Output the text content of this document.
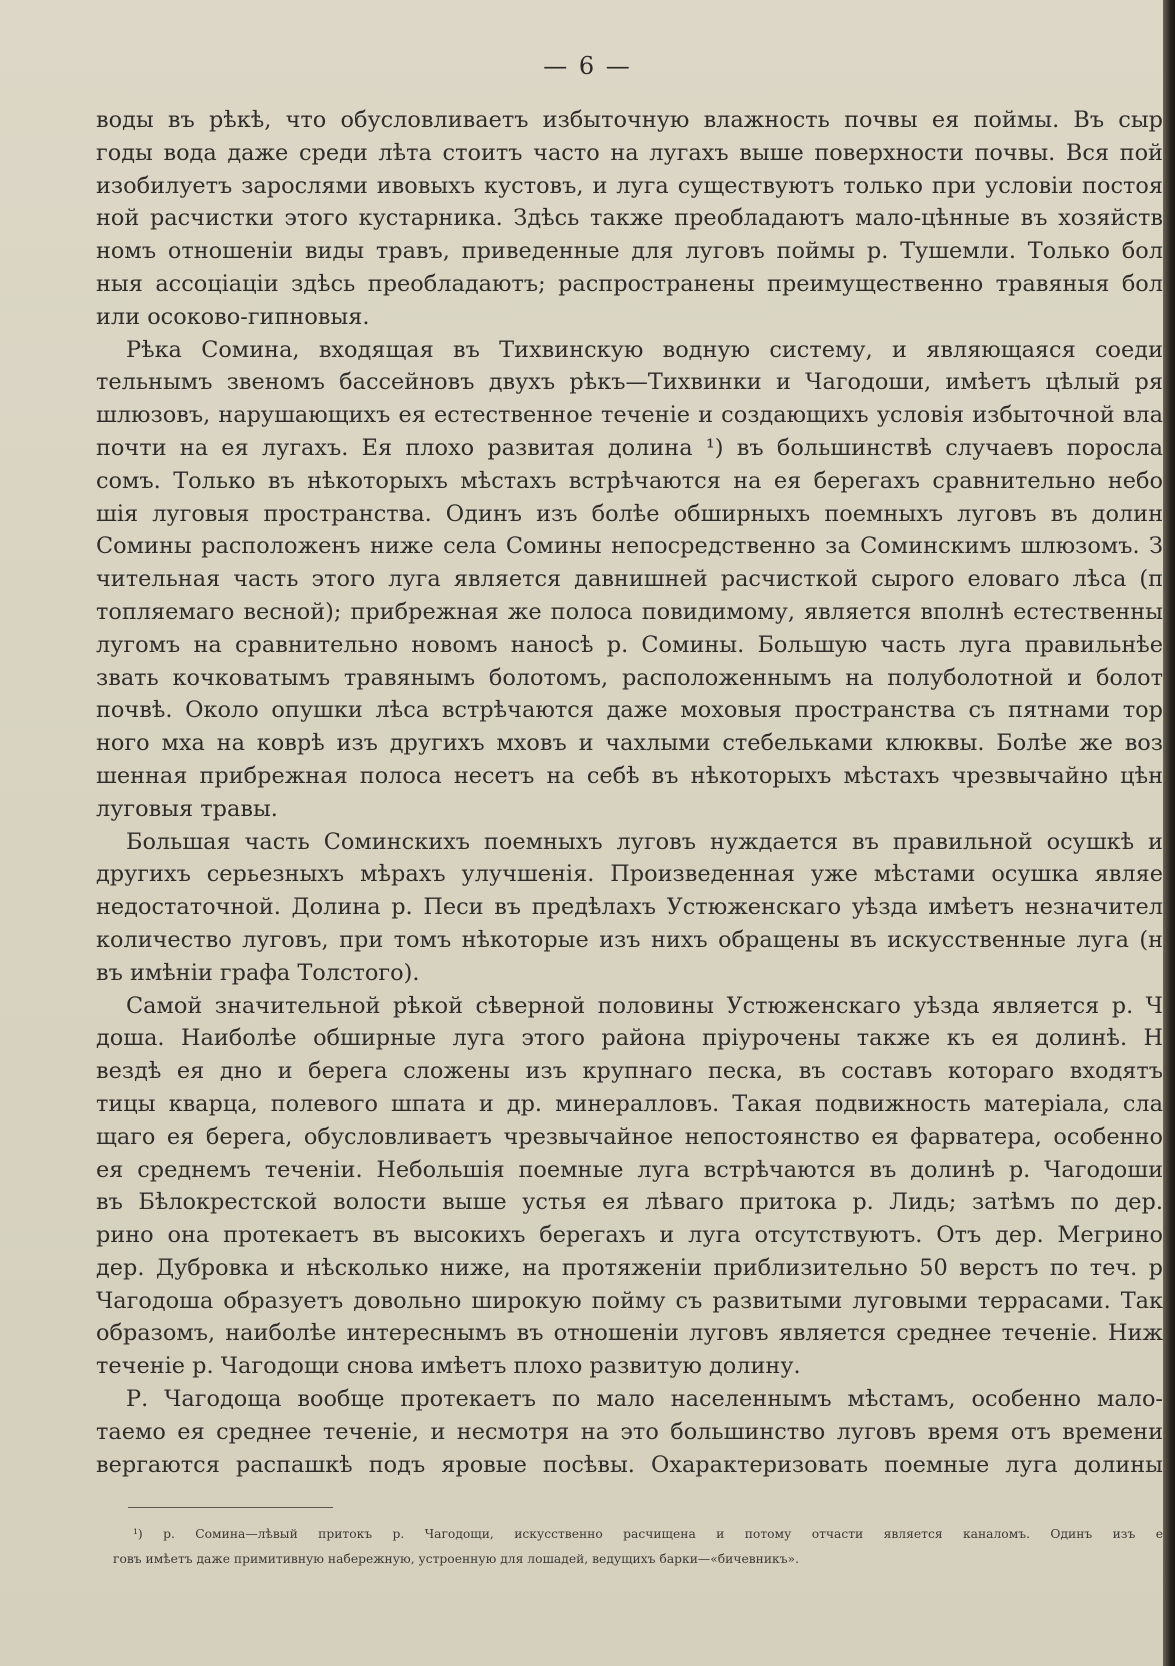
— 6 —
воды въ рѣкѣ, что обусловливаетъ избыточную влажность почвы ея поймы. Въ сыр
годы вода даже среди лѣта стоитъ часто на лугахъ выше поверхности почвы. Вся пой
изобилуетъ зарослями ивовыхъ кустовъ, и луга существуютъ только при условіи постоя
ной расчистки этого кустарника. Здѣсь также преобладаютъ мало-цѣнные въ хозяйств
номъ отношеніи виды травъ, приведенные для луговъ поймы р. Тушемли. Только бол
ныя ассоціаціи здѣсь преобладаютъ; распространены преимущественно травяныя бол
или осоково-гипновыя.
Рѣка Сомина, входящая въ Тихвинскую водную систему, и являющаяся соеди
тельнымъ звеномъ бассейновъ двухъ рѣкъ—Тихвинки и Чагодоши, имѣетъ цѣлый ря
шлюзовъ, нарушающихъ ея естественное теченіе и создающихъ условія избыточной вла
почти на ея лугахъ. Ея плохо развитая долина ¹) въ большинствѣ случаевъ поросла
сомъ. Только въ нѣкоторыхъ мѣстахъ встрѣчаются на ея берегахъ сравнительно небо
шія луговыя пространства. Одинъ изъ болѣе обширныхъ поемныхъ луговъ въ долин
Сомины расположенъ ниже села Сомины непосредственно за Соминскимъ шлюзомъ. З
чительная часть этого луга является давнишней расчисткой сырого еловаго лѣса (п
топляемаго весной); прибрежная же полоса повидимому, является вполнѣ естественны
лугомъ на сравнительно новомъ наносѣ р. Сомины. Большую часть луга правильнѣе
звать кочковатымъ травянымъ болотомъ, расположеннымъ на полуболотной и болот
почвѣ. Около опушки лѣса встрѣчаются даже моховыя пространства съ пятнами тор
ного мха на коврѣ изъ другихъ мховъ и чахлыми стебельками клюквы. Болѣе же воз
шенная прибрежная полоса несетъ на себѣ въ нѣкоторыхъ мѣстахъ чрезвычайно цѣн
луговыя травы.
Большая часть Соминскихъ поемныхъ луговъ нуждается въ правильной осушкѣ и
другихъ серьезныхъ мѣрахъ улучшенія. Произведенная уже мѣстами осушка являе
недостаточной. Долина р. Песи въ предѣлахъ Устюженскаго уѣзда имѣетъ незначител
количество луговъ, при томъ нѣкоторые изъ нихъ обращены въ искусственные луга (н
въ имѣніи графа Толстого).
Самой значительной рѣкой сѣверной половины Устюженскаго уѣзда является р. Ч
доша. Наиболѣе обширные луга этого района пріурочены также къ ея долинѣ. Н
вездѣ ея дно и берега сложены изъ крупнаго песка, въ составъ котораго входятъ
тицы кварца, полевого шпата и др. минералловъ. Такая подвижность матеріала, сла
щаго ея берега, обусловливаетъ чрезвычайное непостоянство ея фарватера, особенно
ея среднемъ теченіи. Небольшія поемные луга встрѣчаются въ долинѣ р. Чагодоши
въ Бѣлокрестской волости выше устья ея лѣваго притока р. Лидь; затѣмъ по дер.
рино она протекаетъ въ высокихъ берегахъ и луга отсутствуютъ. Отъ дер. Мегрино
дер. Дубровка и нѣсколько ниже, на протяженіи приблизительно 50 верстъ по теч. р
Чагодоша образуетъ довольно широкую пойму съ развитыми луговыми террасами. Так
образомъ, наиболѣе интереснымъ въ отношеніи луговъ является среднее теченіе. Ниж
теченіе р. Чагодощи снова имѣетъ плохо развитую долину.
Р. Чагодоща вообще протекаетъ по мало населеннымъ мѣстамъ, особенно мало-
таемо ея среднее теченіе, и несмотря на это большинство луговъ время отъ времени
вергаются распашкѣ подъ яровые посѣвы. Охарактеризовать поемные луга долины
¹) р. Сомина—лѣвый притокъ р. Чагодощи, искусственно расчищена и потому отчасти является каналомъ. Одинъ изъ е
говъ имѣетъ даже примитивную набережную, устроенную для лошадей, ведущихъ барки—«бичевникъ».
